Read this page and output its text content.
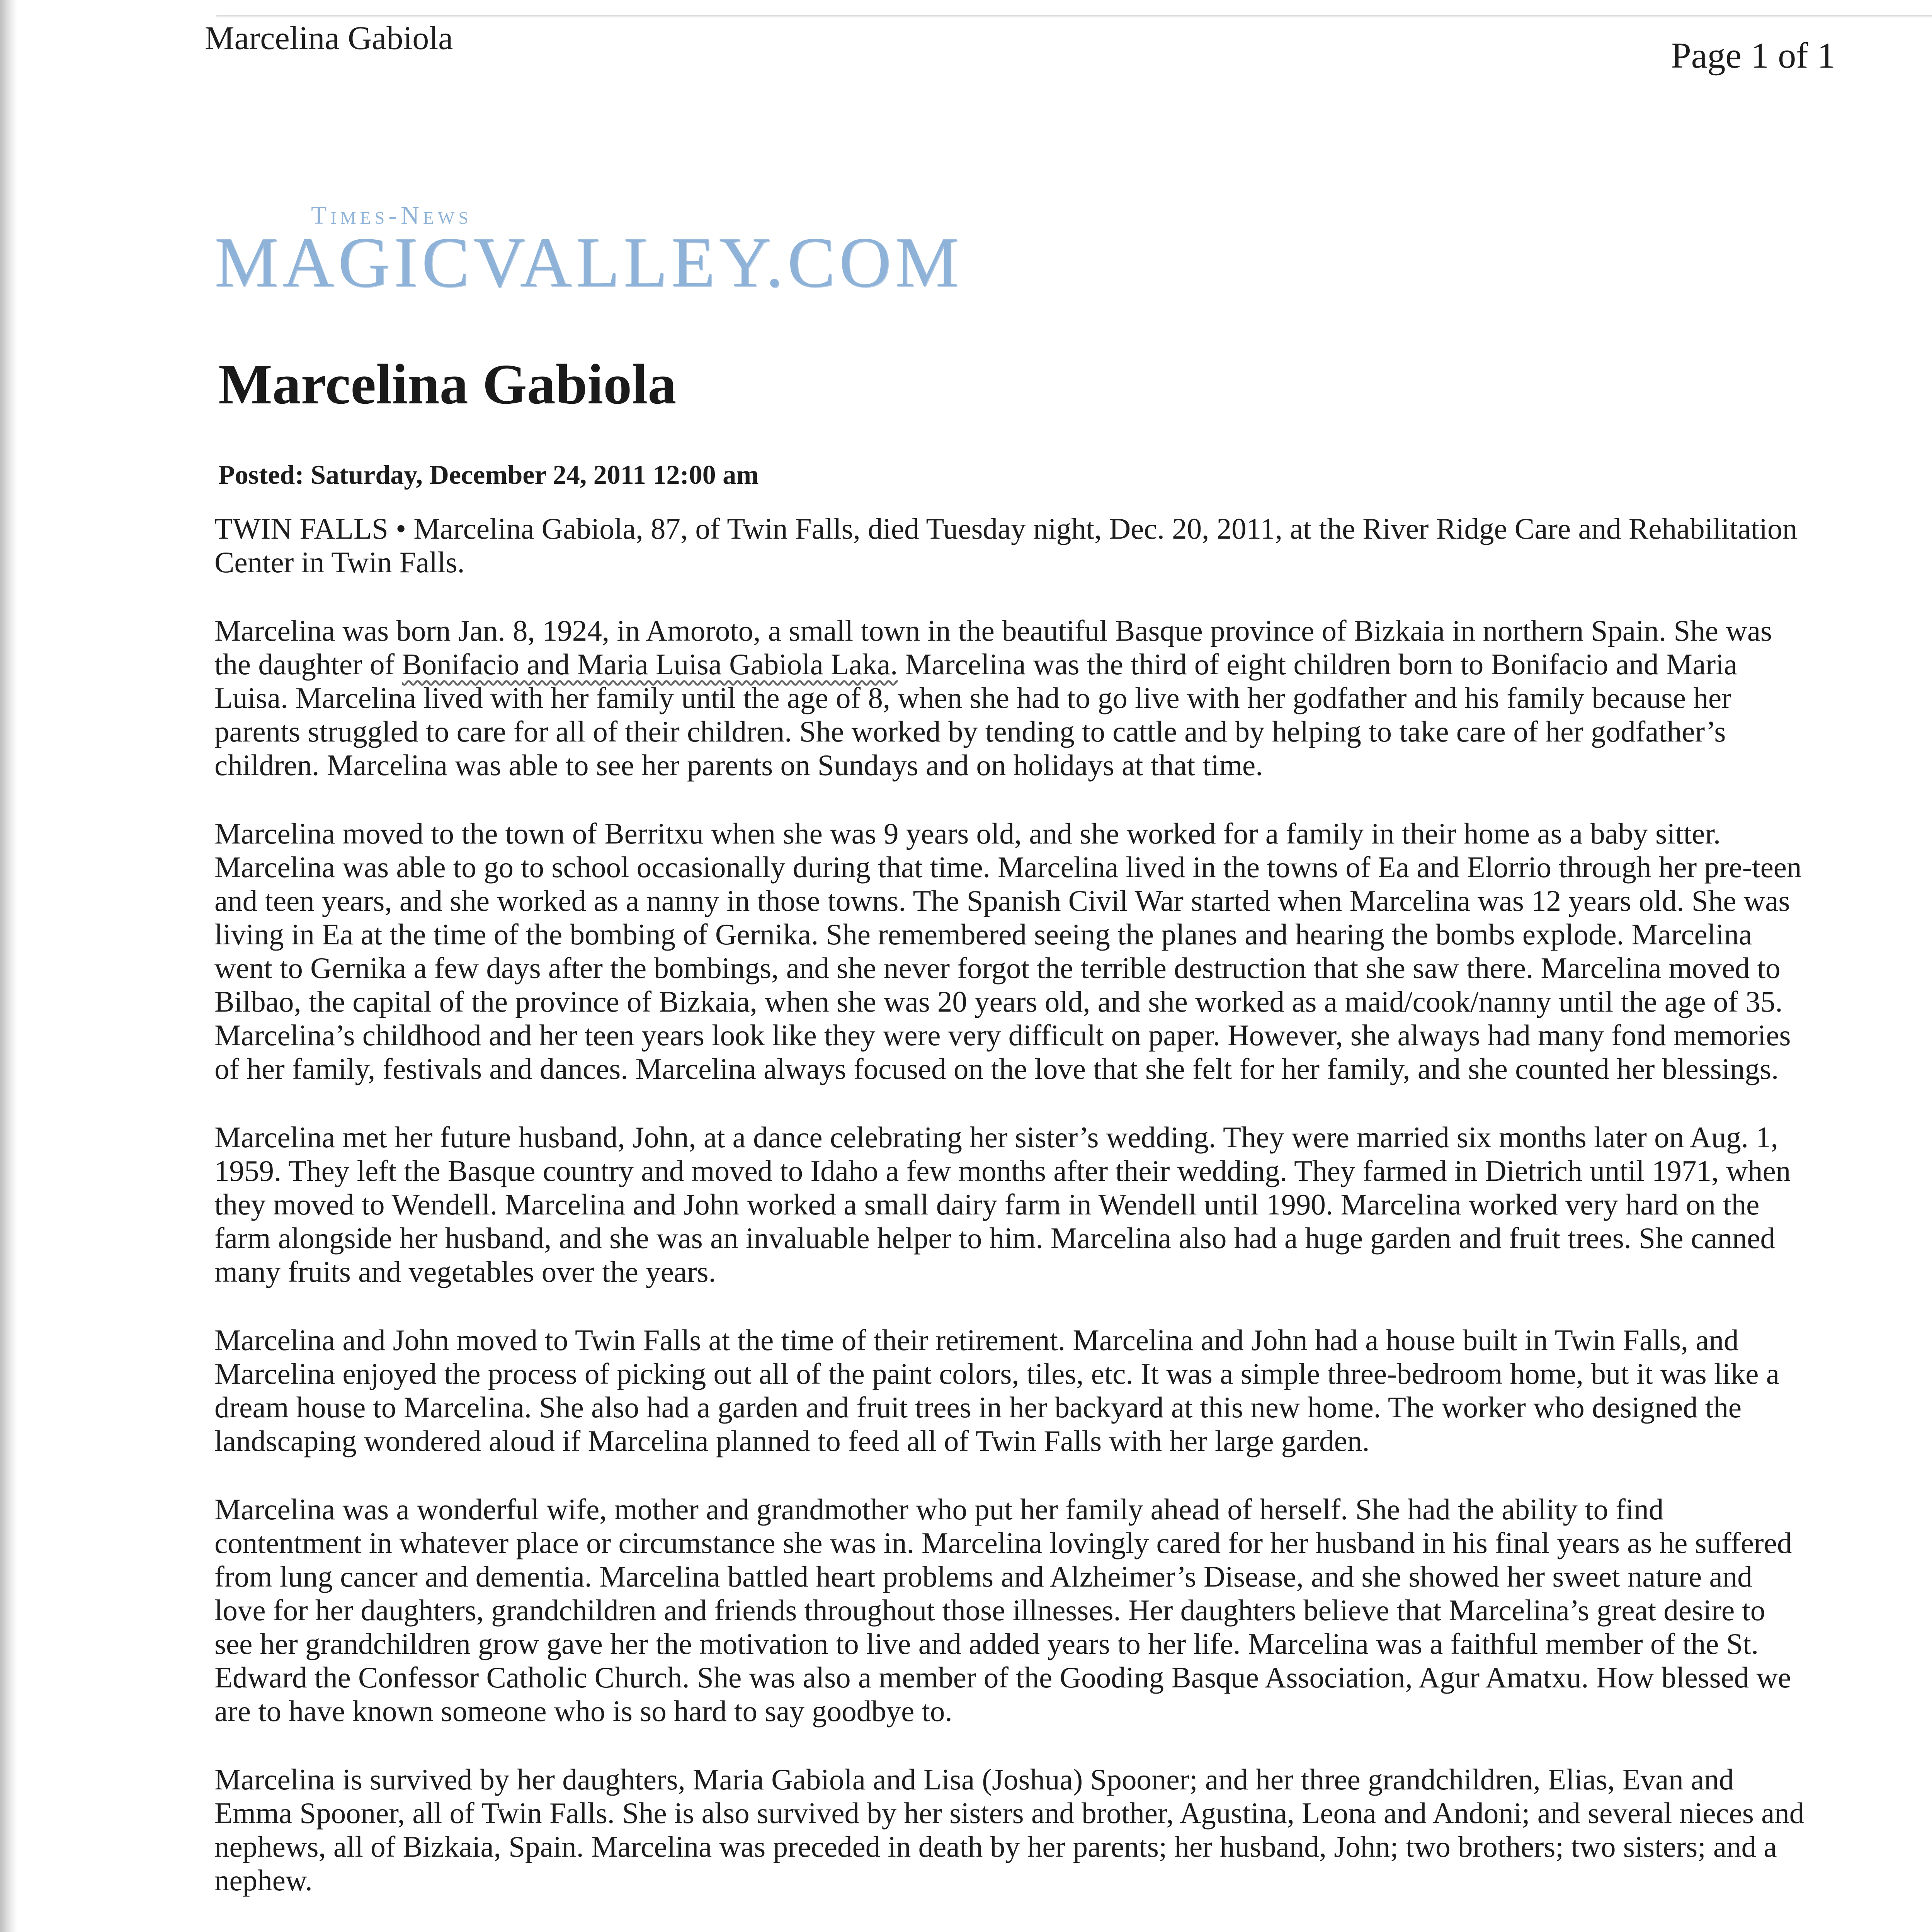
Marcelina Gabiola	Page 1 of 1
Times-News
MAGICVALLEY.COM
Marcelina Gabiola
Posted: Saturday, December 24, 2011 12:00 am

TWIN FALLS • Marcelina Gabiola, 87, of Twin Falls, died Tuesday night, Dec. 20, 2011, at the River Ridge Care and Rehabilitation Center in Twin Falls.

Marcelina was born Jan. 8, 1924, in Amoroto, a small town in the beautiful Basque province of Bizkaia in northern Spain. She was the daughter of Bonifacio and Maria Luisa Gabiola Laka. Marcelina was the third of eight children born to Bonifacio and Maria Luisa. Marcelina lived with her family until the age of 8, when she had to go live with her godfather and his family because her parents struggled to care for all of their children. She worked by tending to cattle and by helping to take care of her godfather’s children. Marcelina was able to see her parents on Sundays and on holidays at that time.

Marcelina moved to the town of Berritxu when she was 9 years old, and she worked for a family in their home as a baby sitter. Marcelina was able to go to school occasionally during that time. Marcelina lived in the towns of Ea and Elorrio through her pre-teen and teen years, and she worked as a nanny in those towns. The Spanish Civil War started when Marcelina was 12 years old. She was living in Ea at the time of the bombing of Gernika. She remembered seeing the planes and hearing the bombs explode. Marcelina went to Gernika a few days after the bombings, and she never forgot the terrible destruction that she saw there. Marcelina moved to Bilbao, the capital of the province of Bizkaia, when she was 20 years old, and she worked as a maid/cook/nanny until the age of 35. Marcelina’s childhood and her teen years look like they were very difficult on paper. However, she always had many fond memories of her family, festivals and dances. Marcelina always focused on the love that she felt for her family, and she counted her blessings.

Marcelina met her future husband, John, at a dance celebrating her sister’s wedding. They were married six months later on Aug. 1, 1959. They left the Basque country and moved to Idaho a few months after their wedding. They farmed in Dietrich until 1971, when they moved to Wendell. Marcelina and John worked a small dairy farm in Wendell until 1990. Marcelina worked very hard on the farm alongside her husband, and she was an invaluable helper to him. Marcelina also had a huge garden and fruit trees. She canned many fruits and vegetables over the years.

Marcelina and John moved to Twin Falls at the time of their retirement. Marcelina and John had a house built in Twin Falls, and Marcelina enjoyed the process of picking out all of the paint colors, tiles, etc. It was a simple three-bedroom home, but it was like a dream house to Marcelina. She also had a garden and fruit trees in her backyard at this new home. The worker who designed the landscaping wondered aloud if Marcelina planned to feed all of Twin Falls with her large garden.

Marcelina was a wonderful wife, mother and grandmother who put her family ahead of herself. She had the ability to find contentment in whatever place or circumstance she was in. Marcelina lovingly cared for her husband in his final years as he suffered from lung cancer and dementia. Marcelina battled heart problems and Alzheimer’s Disease, and she showed her sweet nature and love for her daughters, grandchildren and friends throughout those illnesses. Her daughters believe that Marcelina’s great desire to see her grandchildren grow gave her the motivation to live and added years to her life. Marcelina was a faithful member of the St. Edward the Confessor Catholic Church. She was also a member of the Gooding Basque Association, Agur Amatxu. How blessed we are to have known someone who is so hard to say goodbye to.

Marcelina is survived by her daughters, Maria Gabiola and Lisa (Joshua) Spooner; and her three grandchildren, Elias, Evan and Emma Spooner, all of Twin Falls. She is also survived by her sisters and brother, Agustina, Leona and Andoni; and several nieces and nephews, all of Bizkaia, Spain. Marcelina was preceded in death by her parents; her husband, John; two brothers; two sisters; and a nephew.
